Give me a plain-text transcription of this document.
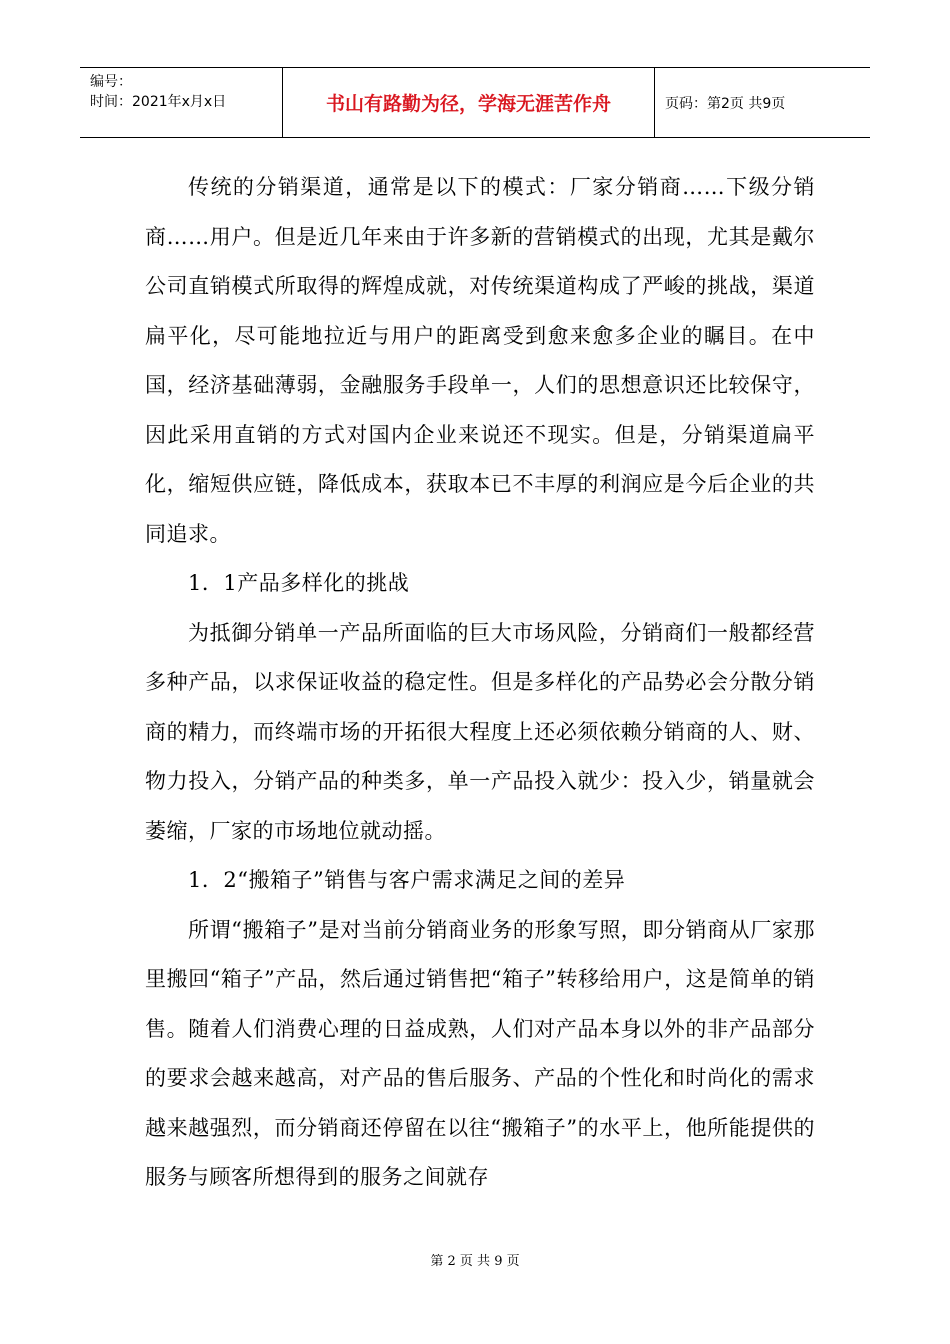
编号：
时间：2021年x月x日	书山有路勤为径，学海无涯苦作舟	页码：第2页 共9页

传统的分销渠道，通常是以下的模式：厂家分销商……下级分销商……用户。但是近几年来由于许多新的营销模式的出现，尤其是戴尔公司直销模式所取得的辉煌成就，对传统渠道构成了严峻的挑战，渠道扁平化，尽可能地拉近与用户的距离受到愈来愈多企业的瞩目。在中国，经济基础薄弱，金融服务手段单一，人们的思想意识还比较保守，因此采用直销的方式对国内企业来说还不现实。但是，分销渠道扁平化，缩短供应链，降低成本，获取本已不丰厚的利润应是今后企业的共同追求。

1．1产品多样化的挑战

为抵御分销单一产品所面临的巨大市场风险，分销商们一般都经营多种产品，以求保证收益的稳定性。但是多样化的产品势必会分散分销商的精力，而终端市场的开拓很大程度上还必须依赖分销商的人、财、物力投入，分销产品的种类多，单一产品投入就少：投入少，销量就会萎缩，厂家的市场地位就动摇。

1．2“搬箱子”销售与客户需求满足之间的差异

所谓“搬箱子”是对当前分销商业务的形象写照，即分销商从厂家那里搬回“箱子”产品，然后通过销售把“箱子”转移给用户，这是简单的销售。随着人们消费心理的日益成熟，人们对产品本身以外的非产品部分的要求会越来越高，对产品的售后服务、产品的个性化和时尚化的需求越来越强烈，而分销商还停留在以往“搬箱子”的水平上，他所能提供的服务与顾客所想得到的服务之间就存

第 2 页 共 9 页
